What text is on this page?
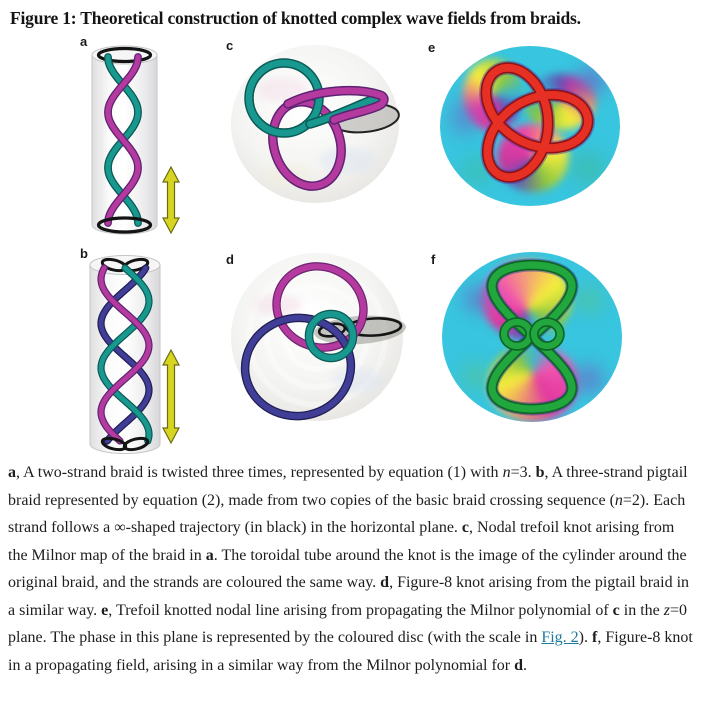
Figure 1: Theoretical construction of knotted complex wave fields from braids.
a
b
c
d
e
f
a, A two-strand braid is twisted three times, represented by equation (1) with n=3. b, A three-strand pigtail braid represented by equation (2), made from two copies of the basic braid crossing sequence (n=2). Each strand follows a ∞-shaped trajectory (in black) in the horizontal plane. c, Nodal trefoil knot arising from the Milnor map of the braid in a. The toroidal tube around the knot is the image of the cylinder around the original braid, and the strands are coloured the same way. d, Figure-8 knot arising from the pigtail braid in a similar way. e, Trefoil knotted nodal line arising from propagating the Milnor polynomial of c in the z=0 plane. The phase in this plane is represented by the coloured disc (with the scale in Fig. 2). f, Figure-8 knot in a propagating field, arising in a similar way from the Milnor polynomial for d.
